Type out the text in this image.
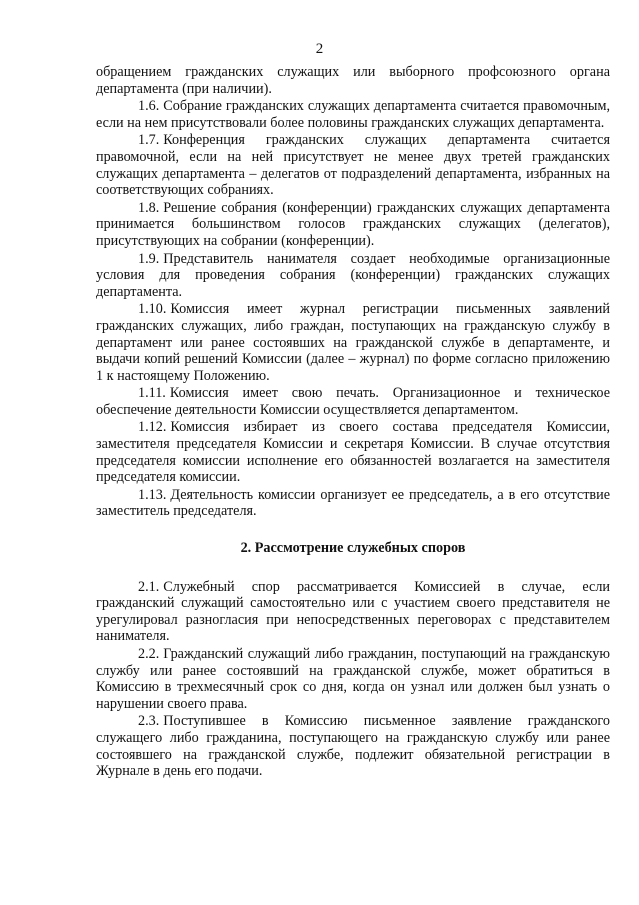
2

обращением гражданских служащих или выборного профсоюзного органа департамента (при наличии).

1.6. Собрание гражданских служащих департамента считается правомочным, если на нем присутствовали более половины гражданских служащих департамента.

1.7. Конференция гражданских служащих департамента считается правомочной, если на ней присутствует не менее двух третей гражданских служащих департамента – делегатов от подразделений департамента, избранных на соответствующих собраниях.

1.8. Решение собрания (конференции) гражданских служащих департамента принимается большинством голосов гражданских служащих (делегатов), присутствующих на собрании (конференции).

1.9. Представитель нанимателя создает необходимые организационные условия для проведения собрания (конференции) гражданских служащих департамента.

1.10. Комиссия имеет журнал регистрации письменных заявлений гражданских служащих, либо граждан, поступающих на гражданскую службу в департамент или ранее состоявших на гражданской службе в департаменте, и выдачи копий решений Комиссии (далее – журнал) по форме согласно приложению 1 к настоящему Положению.

1.11. Комиссия имеет свою печать. Организационное и техническое обеспечение деятельности Комиссии осуществляется департаментом.

1.12. Комиссия избирает из своего состава председателя Комиссии, заместителя председателя Комиссии и секретаря Комиссии. В случае отсутствия председателя комиссии исполнение его обязанностей возлагается на заместителя председателя комиссии.

1.13. Деятельность комиссии организует ее председатель, а в его отсутствие заместитель председателя.

2. Рассмотрение служебных споров

2.1. Служебный спор рассматривается Комиссией в случае, если гражданский служащий самостоятельно или с участием своего представителя не урегулировал разногласия при непосредственных переговорах с представителем нанимателя.

2.2. Гражданский служащий либо гражданин, поступающий на гражданскую службу или ранее состоявший на гражданской службе, может обратиться в Комиссию в трехмесячный срок со дня, когда он узнал или должен был узнать о нарушении своего права.

2.3. Поступившее в Комиссию письменное заявление гражданского служащего либо гражданина, поступающего на гражданскую службу или ранее состоявшего на гражданской службе, подлежит обязательной регистрации в Журнале в день его подачи.
